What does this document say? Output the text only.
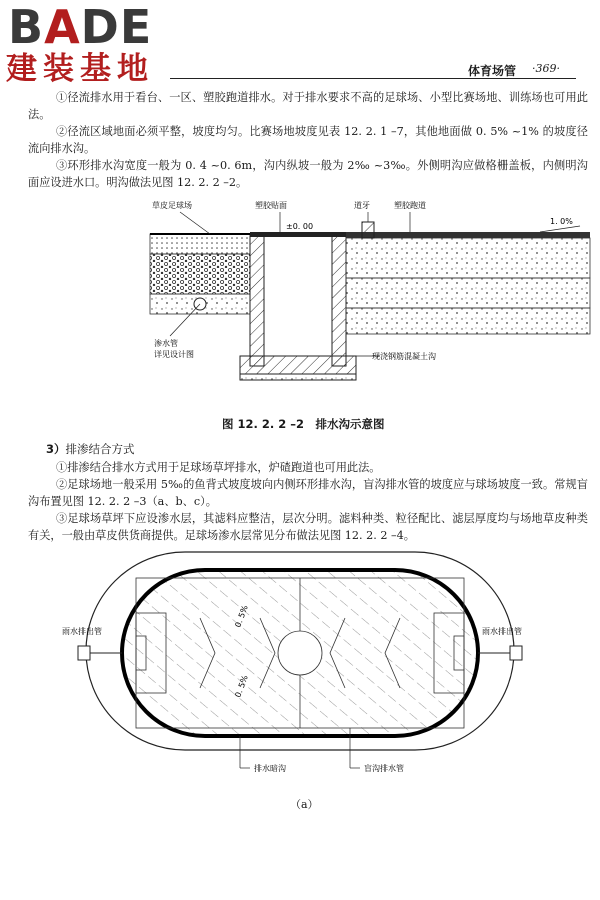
BADE
建装基地	体育场管 ·369·
①径流排水用于看台、一区、塑胶跑道排水。对于排水要求不高的足球场、小型比赛场地、训练场也可用此法。
②径流区域地面必须平整，坡度均匀。比赛场地坡度见表 12. 2. 1 –7，其他地面做 0. 5% ~1% 的坡度径流向排水沟。
③环形排水沟宽度一般为 0. 4 ~0. 6m，沟内纵坡一般为 2‰ ~3‰。外侧明沟应做格栅盖板，内侧明沟面应设进水口。明沟做法见图 12. 2. 2 –2。
草皮足球场	塑胶贴面	道牙	塑胶跑道
±0. 00
1. 0%
渗水管
详见设计图	现浇钢筋混凝土沟
图 12. 2. 2 –2　排水沟示意图
3）排渗结合方式
①排渗结合排水方式用于足球场草坪排水，炉碴跑道也可用此法。
②足球场地一般采用 5‰的鱼背式坡度坡向内侧环形排水沟，盲沟排水管的坡度应与球场坡度一致。常规盲沟布置见图 12. 2. 2 –3（a、b、c）。
③足球场草坪下应设渗水层，其滤料应整洁，层次分明。滤料种类、粒径配比、滤层厚度均与场地草皮种类有关，一般由草皮供货商提供。足球场渗水层常见分布做法见图 12. 2. 2 –4。
雨水排出管	雨水排出管
0. 5%
0. 5%
排水暗沟	盲沟排水管
（a）
